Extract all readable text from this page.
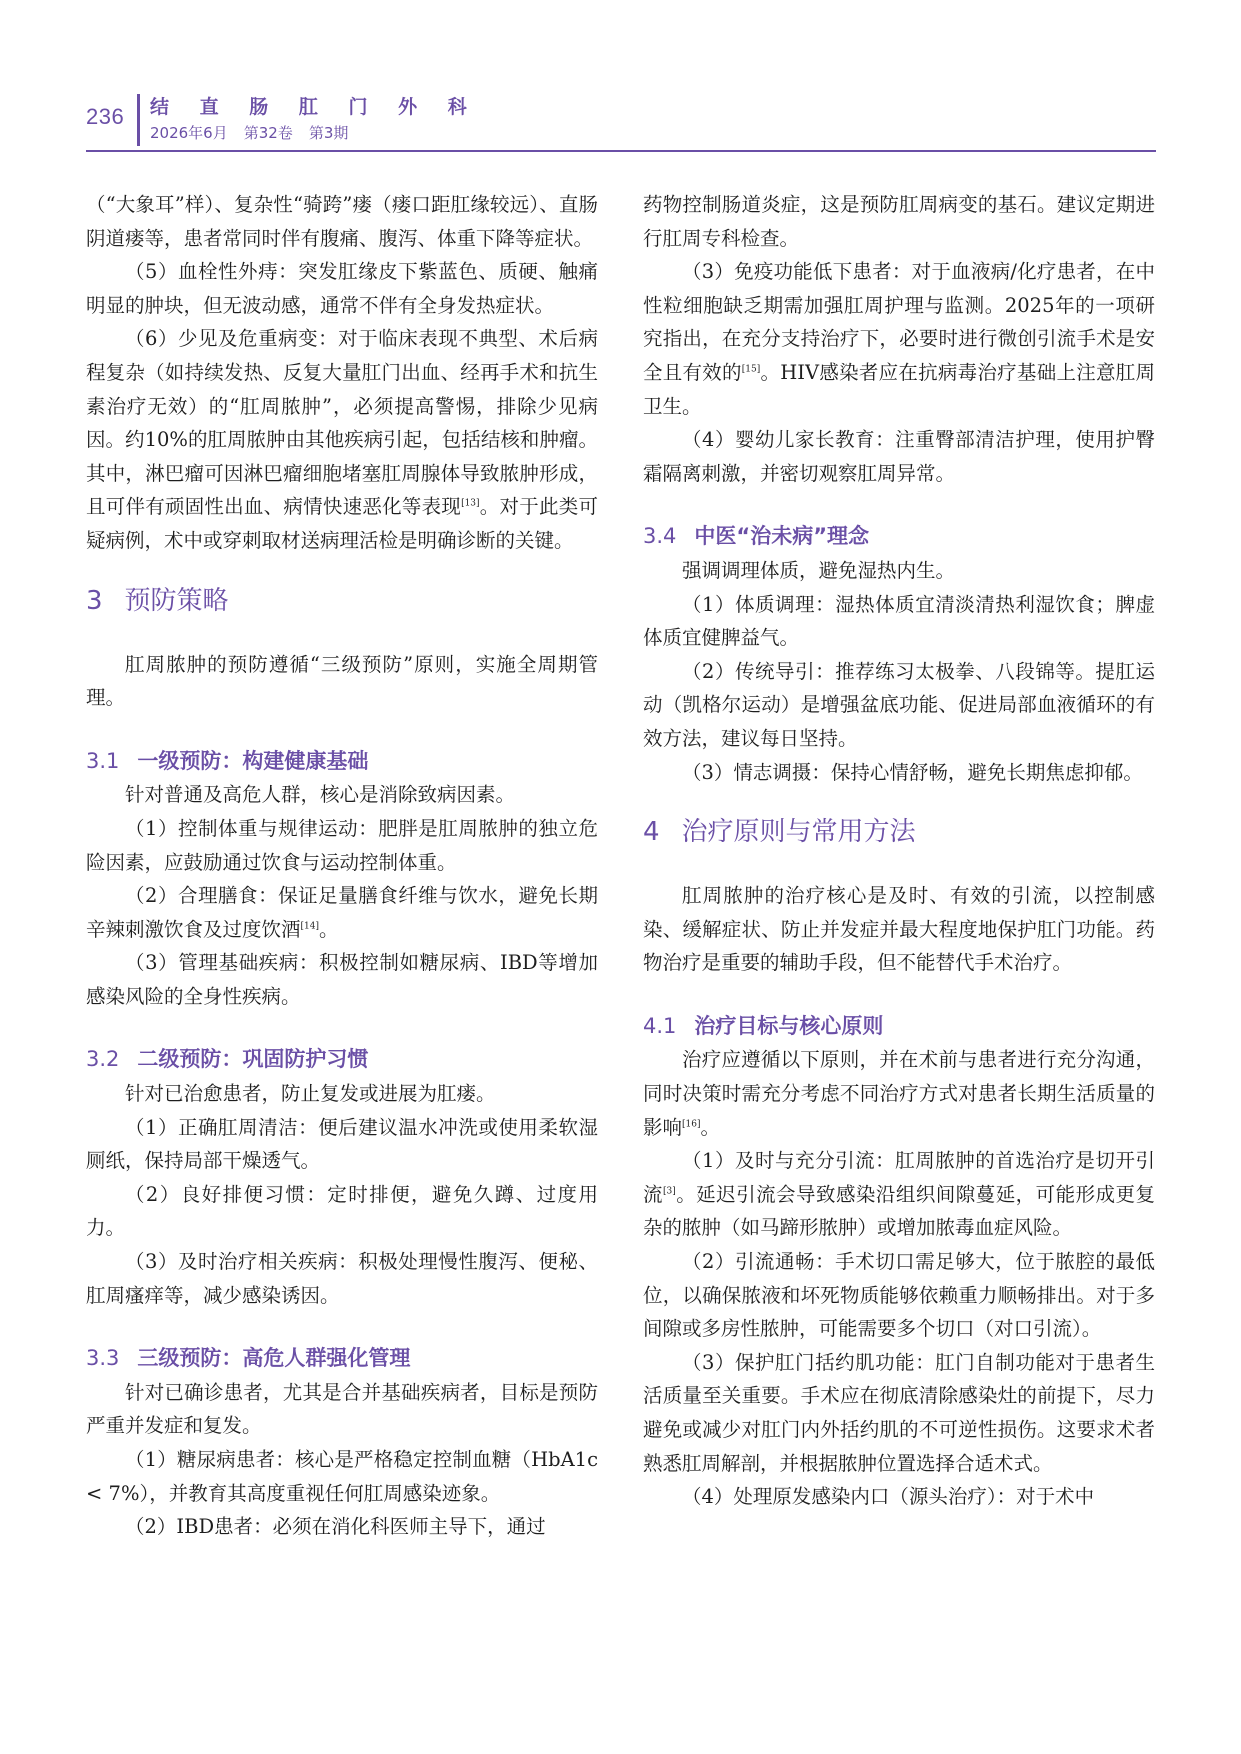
236 结 直 肠 肛 门 外 科
2026年6月 第32卷 第3期

（“大象耳”样）、复杂性“骑跨”瘘（瘘口距肛缘较远）、直肠阴道瘘等，患者常同时伴有腹痛、腹泻、体重下降等症状。

（5）血栓性外痔：突发肛缘皮下紫蓝色、质硬、触痛明显的肿块，但无波动感，通常不伴有全身发热症状。

（6）少见及危重病变：对于临床表现不典型、术后病程复杂（如持续发热、反复大量肛门出血、经再手术和抗生素治疗无效）的“肛周脓肿”，必须提高警惕，排除少见病因。约10%的肛周脓肿由其他疾病引起，包括结核和肿瘤。其中，淋巴瘤可因淋巴瘤细胞堵塞肛周腺体导致脓肿形成，且可伴有顽固性出血、病情快速恶化等表现[13]。对于此类可疑病例，术中或穿刺取材送病理活检是明确诊断的关键。

3 预防策略

肛周脓肿的预防遵循“三级预防”原则，实施全周期管理。

3.1 一级预防：构建健康基础

针对普通及高危人群，核心是消除致病因素。

（1）控制体重与规律运动：肥胖是肛周脓肿的独立危险因素，应鼓励通过饮食与运动控制体重。

（2）合理膳食：保证足量膳食纤维与饮水，避免长期辛辣刺激饮食及过度饮酒[14]。

（3）管理基础疾病：积极控制如糖尿病、IBD等增加感染风险的全身性疾病。

3.2 二级预防：巩固防护习惯

针对已治愈患者，防止复发或进展为肛瘘。

（1）正确肛周清洁：便后建议温水冲洗或使用柔软湿厕纸，保持局部干燥透气。

（2）良好排便习惯：定时排便，避免久蹲、过度用力。

（3）及时治疗相关疾病：积极处理慢性腹泻、便秘、肛周瘙痒等，减少感染诱因。

3.3 三级预防：高危人群强化管理

针对已确诊患者，尤其是合并基础疾病者，目标是预防严重并发症和复发。

（1）糖尿病患者：核心是严格稳定控制血糖（HbA1c < 7%），并教育其高度重视任何肛周感染迹象。

（2）IBD患者：必须在消化科医师主导下，通过

药物控制肠道炎症，这是预防肛周病变的基石。建议定期进行肛周专科检查。

（3）免疫功能低下患者：对于血液病/化疗患者，在中性粒细胞缺乏期需加强肛周护理与监测。2025年的一项研究指出，在充分支持治疗下，必要时进行微创引流手术是安全且有效的[15]。HIV感染者应在抗病毒治疗基础上注意肛周卫生。

（4）婴幼儿家长教育：注重臀部清洁护理，使用护臀霜隔离刺激，并密切观察肛周异常。

3.4 中医“治未病”理念

强调调理体质，避免湿热内生。

（1）体质调理：湿热体质宜清淡清热利湿饮食；脾虚体质宜健脾益气。

（2）传统导引：推荐练习太极拳、八段锦等。提肛运动（凯格尔运动）是增强盆底功能、促进局部血液循环的有效方法，建议每日坚持。

（3）情志调摄：保持心情舒畅，避免长期焦虑抑郁。

4 治疗原则与常用方法

肛周脓肿的治疗核心是及时、有效的引流，以控制感染、缓解症状、防止并发症并最大程度地保护肛门功能。药物治疗是重要的辅助手段，但不能替代手术治疗。

4.1 治疗目标与核心原则

治疗应遵循以下原则，并在术前与患者进行充分沟通，同时决策时需充分考虑不同治疗方式对患者长期生活质量的影响[16]。

（1）及时与充分引流：肛周脓肿的首选治疗是切开引流[3]。延迟引流会导致感染沿组织间隙蔓延，可能形成更复杂的脓肿（如马蹄形脓肿）或增加脓毒血症风险。

（2）引流通畅：手术切口需足够大，位于脓腔的最低位，以确保脓液和坏死物质能够依赖重力顺畅排出。对于多间隙或多房性脓肿，可能需要多个切口（对口引流）。

（3）保护肛门括约肌功能：肛门自制功能对于患者生活质量至关重要。手术应在彻底清除感染灶的前提下，尽力避免或减少对肛门内外括约肌的不可逆性损伤。这要求术者熟悉肛周解剖，并根据脓肿位置选择合适术式。

（4）处理原发感染内口（源头治疗）：对于术中
